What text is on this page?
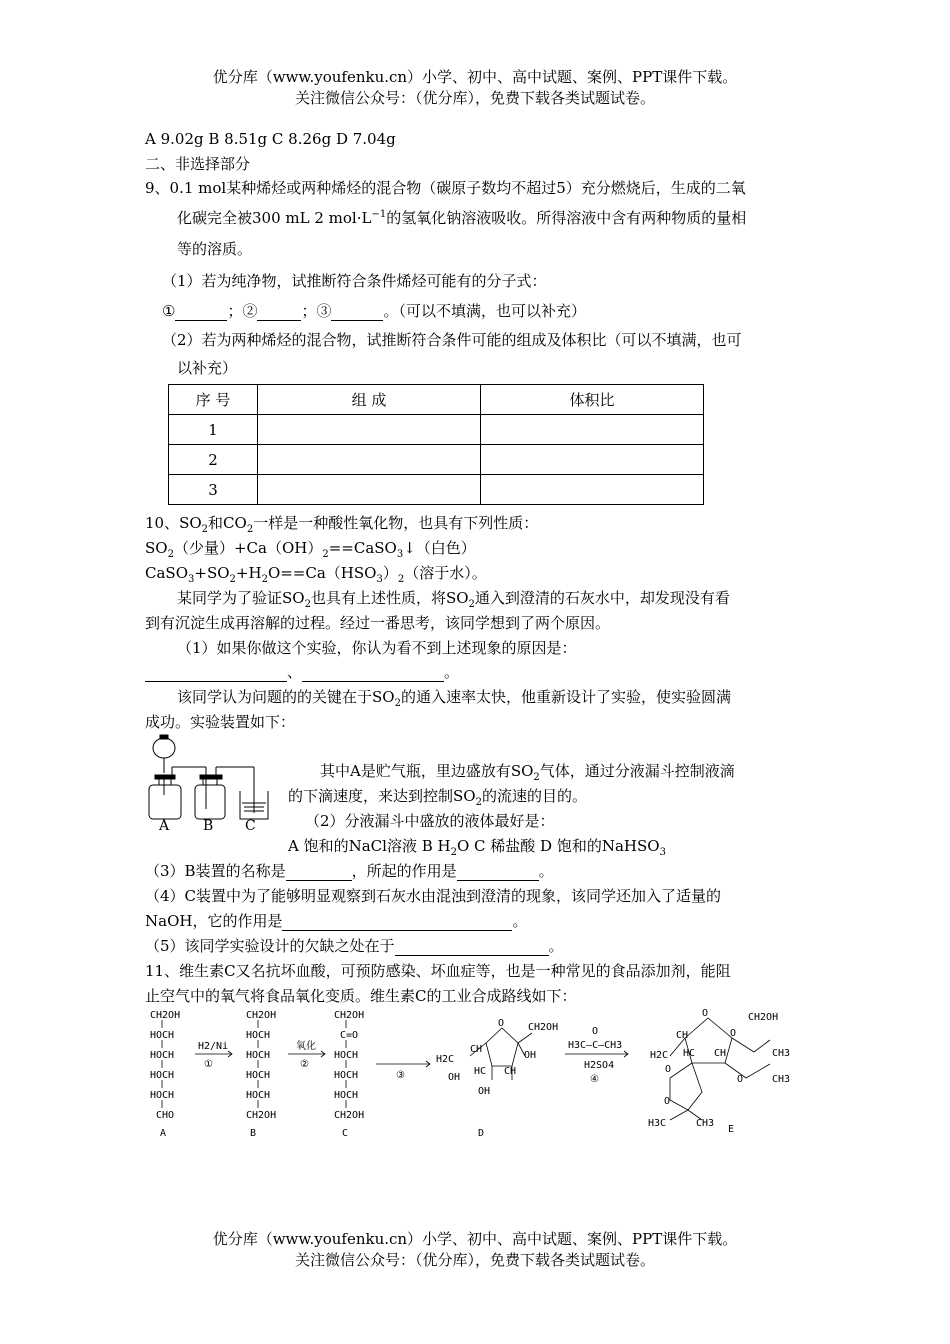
优分库（www.youfenku.cn）小学、初中、高中试题、案例、PPT课件下载。
关注微信公众号：（优分库），免费下载各类试题试卷。
A 9.02g B 8.51g C 8.26g D 7.04g
二、非选择部分
9、0.1 mol某种烯烃或两种烯烃的混合物（碳原子数均不超过5）充分燃烧后，生成的二氧
化碳完全被300 mL 2 $mol\cdot L^{-1}$的氢氧化钠溶液吸收。所得溶液中含有两种物质的量相
等的溶质。
（1）若为纯净物，试推断符合条件烯烃可能有的分子式：
①	；②	；③	。（可以不填满，也可以补充）
（2）若为两种烯烃的混合物，试推断符合条件可能的组成及体积比（可以不填满，也可
以补充）
序 号	组 成	体积比
1		
2		
3		
10、$SO_2$和$CO_2$一样是一种酸性氧化物，也具有下列性质：
$SO_2$（少量）$+Ca(OH)_2==CaSO_3↓$（白色）
$CaSO_3+SO_2+H_2O==Ca(HSO_3)_2$（溶于水）。
某同学为了验证$SO_2$也具有上述性质，将$SO_2$通入到澄清的石灰水中，却发现没有看
到有沉淀生成再溶解的过程。经过一番思考，该同学想到了两个原因。
（1）如果你做这个实验，你认为看不到上述现象的原因是：
、	。
该同学认为问题的的关键在于$SO_2$的通入速率太快，他重新设计了实验，使实验圆满
成功。实验装置如下：
A B C
其中A是贮气瓶，里边盛放有$SO_2$气体，通过分液漏斗控制液滴
的下滴速度，来达到控制$SO_2$的流速的目的。
（2）分液漏斗中盛放的液体最好是：
A 饱和的NaCl溶液 B $H_2O$ C 稀盐酸 D 饱和的NaHSO$_3$
（3）B装置的名称是	，所起的作用是	。
（4）C装置中为了能够明显观察到石灰水由混浊到澄清的现象，该同学还加入了适量的
NaOH，它的作用是	。
（5）该同学实验设计的欠缺之处在于	。
11、维生素C又名抗坏血酸，可预防感染、坏血症等，也是一种常见的食品添加剂，能阻
止空气中的氧气将食品氧化变质。维生素C的工业合成路线如下：
CH2OH
HOCH
HOCH
HOCH
HOCH
CHO
A
H2/Ni
①
CH2OH
HOCH
HOCH
HOCH
HOCH
CH2OH
B
氧化
②
CH2OH
C=O
HOCH
HOCH
HOCH
CH2OH
C
③
O CH2OH
H2C
CH
OH
OH
HC CH
OH
D
O
H3C—C—CH3
H2SO4
④
O
O
CH2OH
CH
H2C HC CH	CH3
CH3
O
O
H3C	CH3
O
E
优分库（www.youfenku.cn）小学、初中、高中试题、案例、PPT课件下载。
关注微信公众号：（优分库），免费下载各类试题试卷。
